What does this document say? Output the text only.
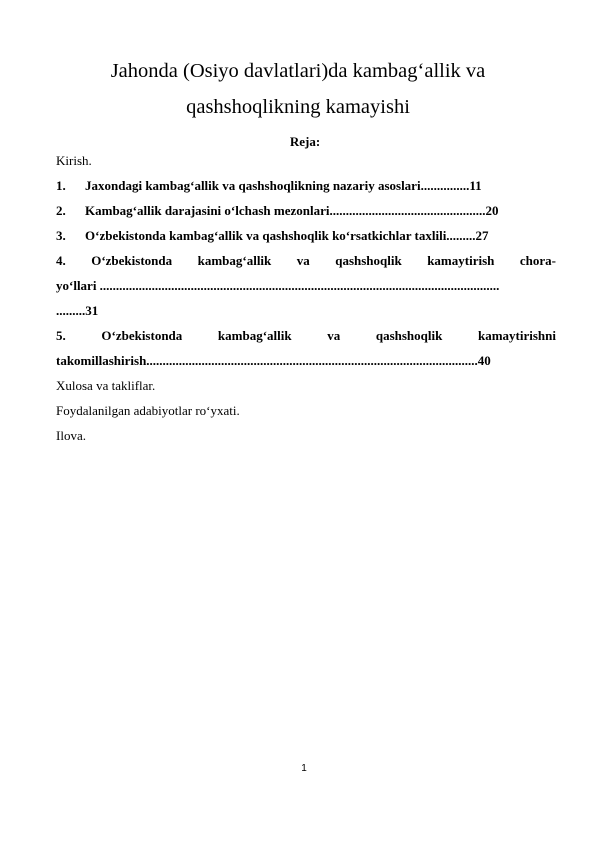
Jahonda (Osiyo davlatlari)da kambag‘allik va
qashshoqlikning kamayishi
Reja:
Kirish.
1. Jaxondagi kambag‘allik va qashshoqlikning nazariy asoslari...............11
2. Kambag‘allik darajasini o‘lchash mezonlari................................................20
3. O‘zbekistonda kambag‘allik va qashshoqlik ko‘rsatkichlar taxlili.........27
4. O‘zbekistonda kambag‘allik va qashshoqlik kamaytirish chora-
yo‘llari ...........................................................................................................................
.........31
5.	O‘zbekistonda	kambag‘allik	va	qashshoqlik	kamaytirishni
takomillashirish......................................................................................................40
Xulosa va takliflar.
Foydalanilgan adabiyotlar ro‘yxati.
Ilova.
1
